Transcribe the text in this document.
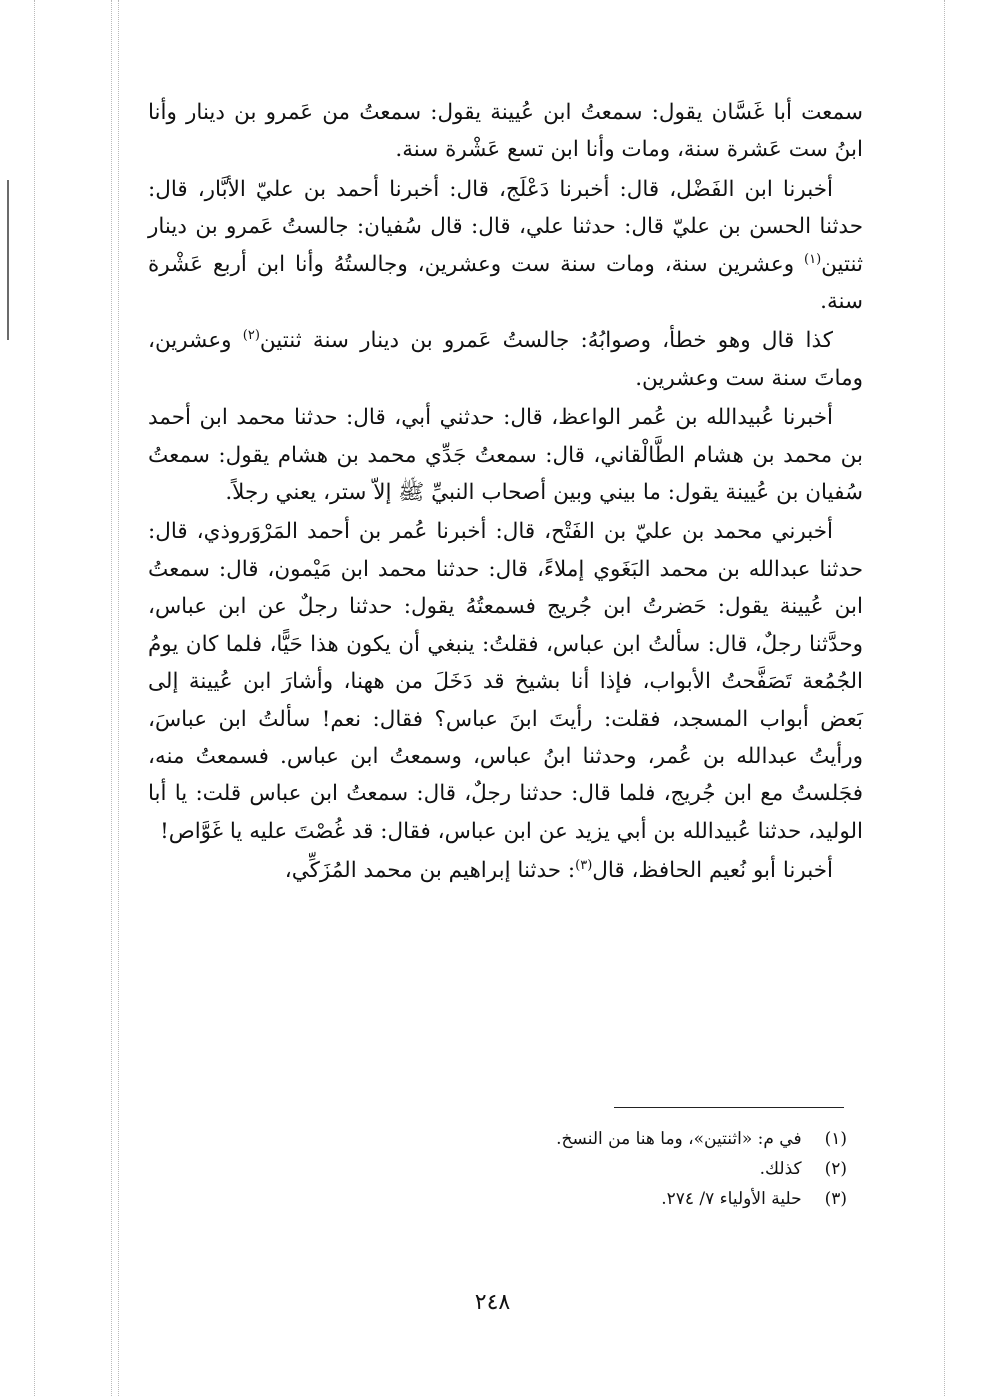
سمعت أبا غَسَّان يقول: سمعتُ ابن عُيينة يقول: سمعتُ من عَمرو بن دينار وأنا ابنُ ست عَشرة سنة، ومات وأنا ابن تسع عَشْرة سنة.

أخبرنا ابن الفَضْل، قال: أخبرنا دَعْلَج، قال: أخبرنا أحمد بن عليّ الأبَّار، قال: حدثنا الحسن بن عليّ قال: حدثنا علي، قال: قال سُفيان: جالستُ عَمرو بن دينار ثنتين$^{(١)}$ وعشرين سنة، ومات سنة ست وعشرين، وجالستُهُ وأنا ابن أربع عَشْرة سنة.

كذا قال وهو خطأ، وصوابُهُ: جالستُ عَمرو بن دينار سنة ثنتين$^{(٢)}$ وعشرين، وماتَ سنة ست وعشرين.

أخبرنا عُبيدالله بن عُمر الواعظ، قال: حدثني أبي، قال: حدثنا محمد ابن أحمد بن محمد بن هشام الطَّالْقاني، قال: سمعتُ جَدِّي محمد بن هشام يقول: سمعتُ سُفيان بن عُيينة يقول: ما بيني وبين أصحاب النبيِّ ﷺ إلاّ ستر، يعني رجلاً.

أخبرني محمد بن عليّ بن الفَتْح، قال: أخبرنا عُمر بن أحمد المَرْوَروذي، قال: حدثنا عبدالله بن محمد البَغَوي إملاءً، قال: حدثنا محمد ابن مَيْمون، قال: سمعتُ ابن عُيينة يقول: حَضرتُ ابن جُريج فسمعتُهُ يقول: حدثنا رجلٌ عن ابن عباس، وحدَّثنا رجلٌ، قال: سألتُ ابن عباس، فقلتُ: ينبغي أن يكون هذا حَيًّا، فلما كان يومُ الجُمُعة تَصَفَّحتُ الأبواب، فإذا أنا بشيخ قد دَخَلَ من ههنا، وأشارَ ابن عُيينة إلى بَعض أبواب المسجد، فقلت: رأيتَ ابنَ عباس؟ فقال: نعم! سألتُ ابن عباسَ، ورأيتُ عبدالله بن عُمر، وحدثنا ابنُ عباس، وسمعتُ ابن عباس. فسمعتُ منه، فجَلستُ مع ابن جُريج، فلما قال: حدثنا رجلٌ، قال: سمعتُ ابن عباس قلت: يا أبا الوليد، حدثنا عُبيدالله بن أبي يزيد عن ابن عباس، فقال: قد غُصْتَ عليه يا غَوَّاص!

أخبرنا أبو نُعيم الحافظ، قال$^{(٣)}$: حدثنا إبراهيم بن محمد المُزَكِّي،

(١) في م: «اثنتين»، وما هنا من النسخ.
(٢) كذلك.
(٣) حلية الأولياء ٧/ ٢٧٤.
٢٤٨
